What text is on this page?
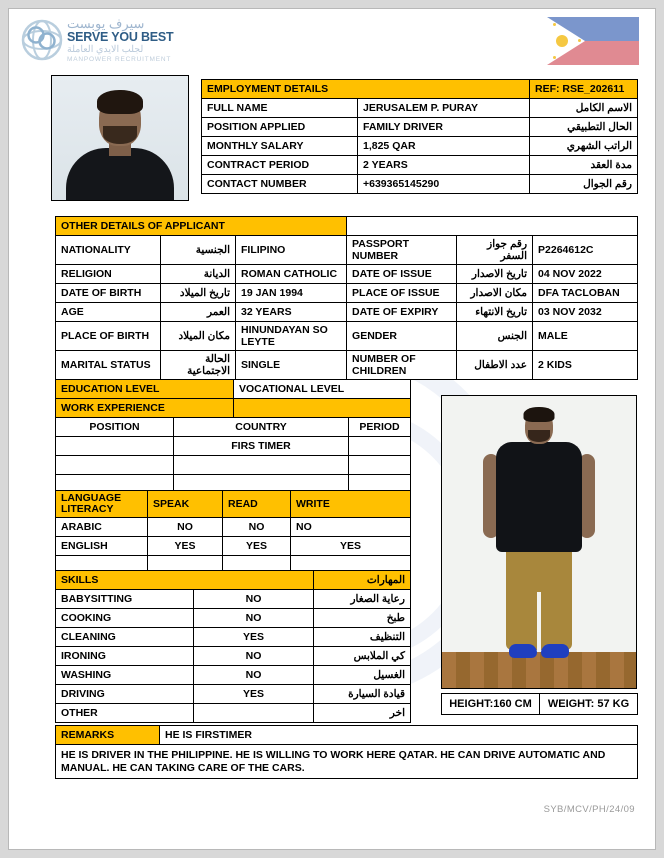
سيرف يوبست
SERVE YOU BEST
لجلب الايدي العاملة
MANPOWER RECRUITMENT
EMPLOYMENT DETAILS		REF: RSE_202611
FULL NAME	JERUSALEM P. PURAY	الاسم الكامل
POSITION APPLIED	FAMILY DRIVER	الحال التطبيقي
MONTHLY SALARY	1,825 QAR	الراتب الشهري
CONTRACT PERIOD	2 YEARS	مدة العقد
CONTACT NUMBER	+639365145290	رقم الجوال
OTHER DETAILS OF APPLICANT					
NATIONALITY	الجنسية	FILIPINO	PASSPORT NUMBER	رقم جواز السفر	P2264612C
RELIGION	الديانة	ROMAN CATHOLIC	DATE OF ISSUE	تاريخ الاصدار	04 NOV 2022
DATE OF BIRTH	تاريخ الميلاد	19 JAN 1994	PLACE OF ISSUE	مكان الاصدار	DFA TACLOBAN
AGE	العمر	32 YEARS	DATE OF EXPIRY	تاريخ الانتهاء	03 NOV 2032
PLACE OF BIRTH	مكان الميلاد	HINUNDAYAN SO LEYTE	GENDER	الجنس	MALE
MARITAL STATUS	الحالة الاجتماعية	SINGLE	NUMBER OF CHILDREN	عدد الاطفال	2 KIDS
EDUCATION LEVEL		VOCATIONAL LEVEL	
WORK EXPERIENCE			
POSITION	COUNTRY		PERIOD
	FIRS TIMER		

LANGUAGE LITERACY	SPEAK	READ	WRITE
ARABIC	NO	NO	NO
ENGLISH	YES	YES	YES

SKILLS		المهارات
BABYSITTING	NO	رعاية الصغار
COOKING	NO	طبخ
CLEANING	YES	التنظيف
IRONING	NO	كي الملابس
WASHING	NO	الغسيل
DRIVING	YES	قيادة السيارة
OTHER		اخر
HEIGHT:160 CM	WEIGHT: 57 KG
REMARKS	HE IS FIRSTIMER
HE IS DRIVER IN THE PHILIPPINE. HE IS WILLING TO WORK HERE QATAR. HE CAN DRIVE AUTOMATIC AND MANUAL. HE CAN TAKING CARE OF THE CARS.
SYB/MCV/PH/24/09
